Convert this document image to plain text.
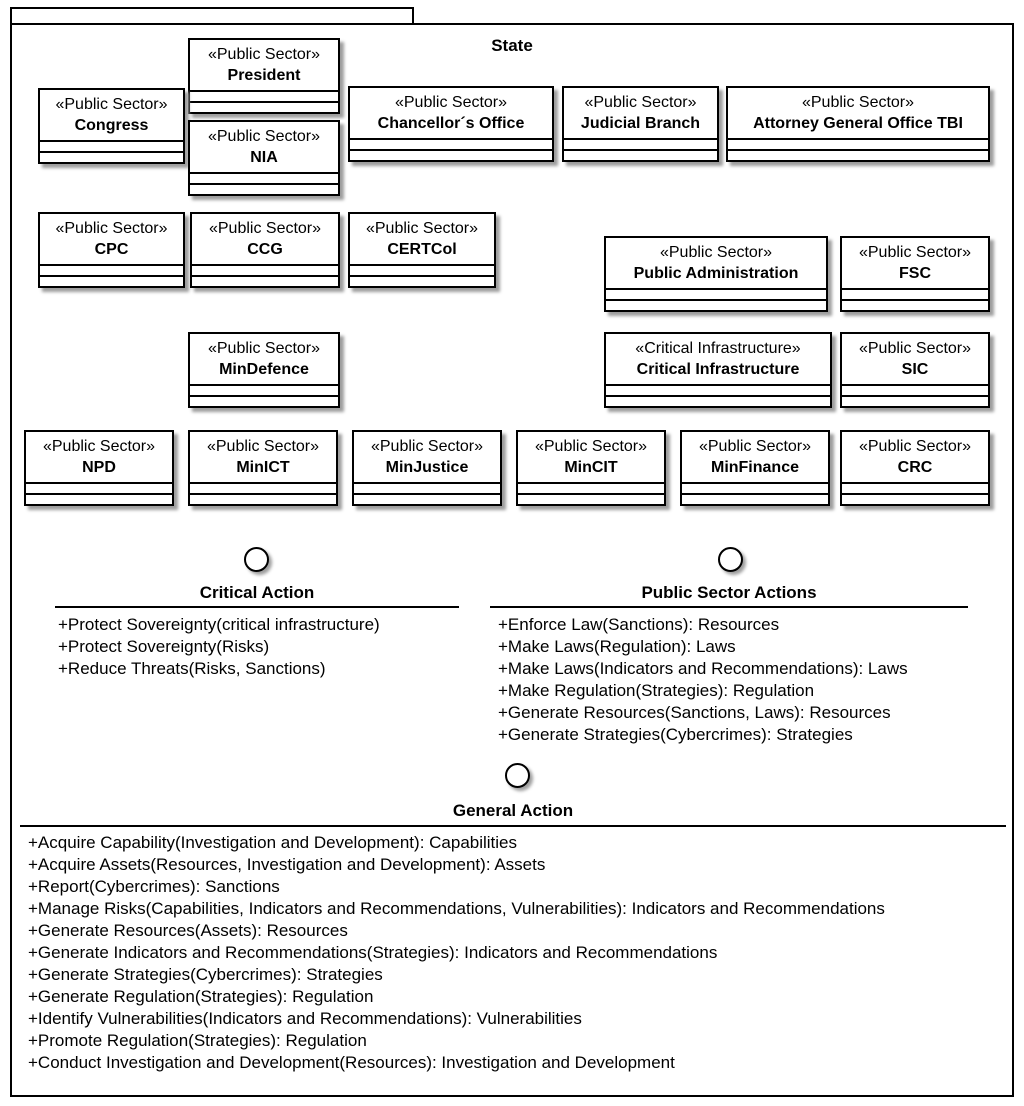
State
«Public Sector»
President
«Public Sector»
Congress
«Public Sector»
Chancellor´s Office
«Public Sector»
Judicial Branch
«Public Sector»
Attorney General Office TBI
«Public Sector»
NIA
«Public Sector»
CPC
«Public Sector»
CCG
«Public Sector»
CERTCol	«Public Sector»
Public Administration
«Public Sector»
FSC
«Public Sector»
MinDefence
«Critical Infrastructure»
Critical Infrastructure
«Public Sector»
SIC
«Public Sector»
NPD
«Public Sector»
MinICT
«Public Sector»
MinJustice
«Public Sector»
MinCIT
«Public Sector»
MinFinance
«Public Sector»
CRC
Critical Action
+Protect Sovereignty(critical infrastructure)
+Protect Sovereignty(Risks)
+Reduce Threats(Risks, Sanctions)
Public Sector Actions
+Enforce Law(Sanctions): Resources
+Make Laws(Regulation): Laws
+Make Laws(Indicators and Recommendations): Laws
+Make Regulation(Strategies): Regulation
+Generate Resources(Sanctions, Laws): Resources
+Generate Strategies(Cybercrimes): Strategies
General Action
+Acquire Capability(Investigation and Development): Capabilities
+Acquire Assets(Resources, Investigation and Development): Assets
+Report(Cybercrimes): Sanctions
+Manage Risks(Capabilities, Indicators and Recommendations, Vulnerabilities): Indicators and Recommendations
+Generate Resources(Assets): Resources
+Generate Indicators and Recommendations(Strategies): Indicators and Recommendations
+Generate Strategies(Cybercrimes): Strategies
+Generate Regulation(Strategies): Regulation
+Identify Vulnerabilities(Indicators and Recommendations): Vulnerabilities
+Promote Regulation(Strategies): Regulation
+Conduct Investigation and Development(Resources): Investigation and Development
